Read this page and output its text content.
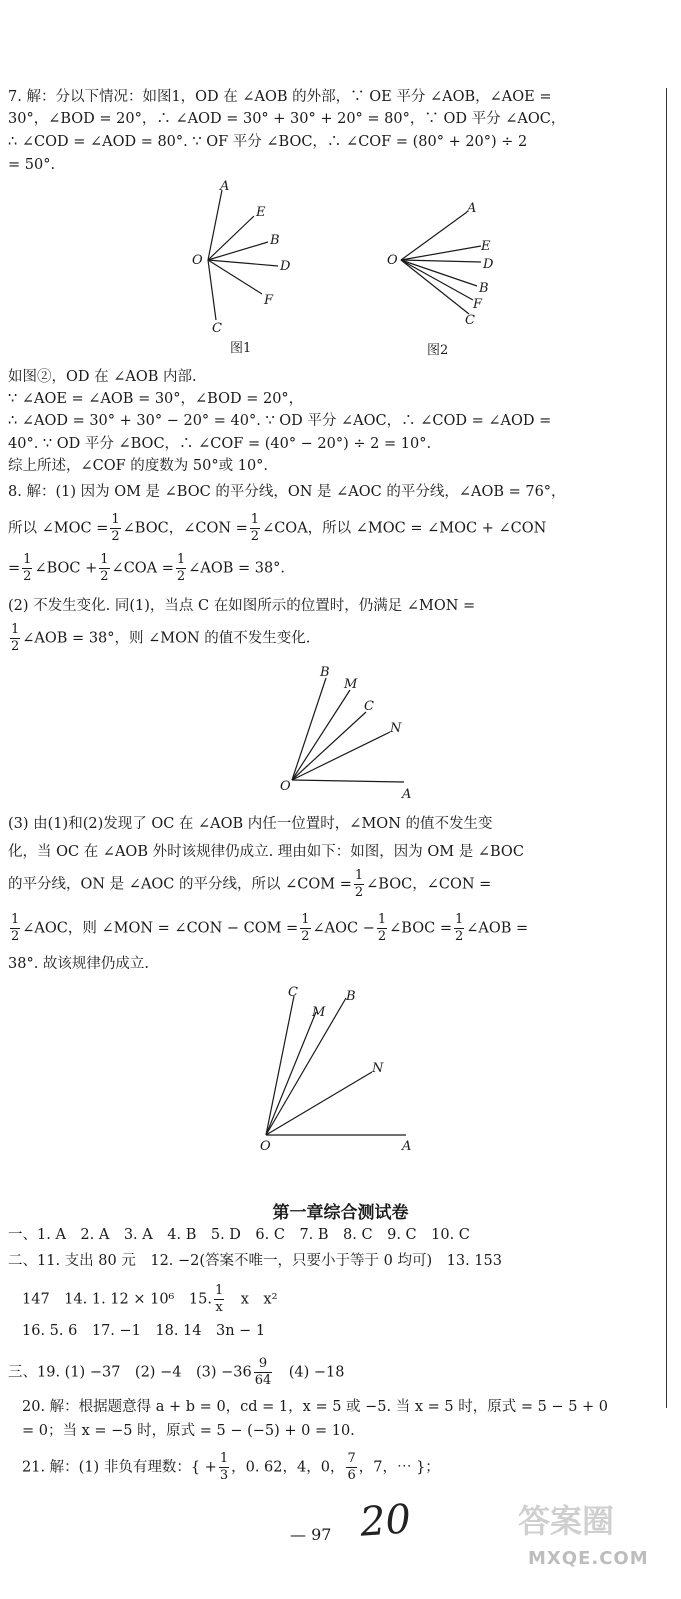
7. 解：分以下情况：如图1，OD 在 ∠AOB 的外部，∵ OE 平分 ∠AOB，∠AOE =
30°，∠BOD = 20°，∴ ∠AOD = 30° + 30° + 20° = 80°，∵ OD 平分 ∠AOC，
∴ ∠COD = ∠AOD = 80°. ∵ OF 平分 ∠BOC，∴ ∠COF = (80° + 20°) ÷ 2
= 50°.
A
E
B
D
F
C
O
图1
A
E
D
B
F
C
O
图2
如图②，OD 在 ∠AOB 内部.
∵ ∠AOE = ∠AOB = 30°，∠BOD = 20°，
∴ ∠AOD = 30° + 30° − 20° = 40°. ∵ OD 平分 ∠AOC，∴ ∠COD = ∠AOD =
40°. ∵ OD 平分 ∠BOC，∴ ∠COF = (40° − 20°) ÷ 2 = 10°.
综上所述，∠COF 的度数为 50°或 10°.
8. 解：(1) 因为 OM 是 ∠BOC 的平分线，ON 是 ∠AOC 的平分线，∠AOB = 76°，
所以 ∠MOC = $\frac{1}{2}$ ∠BOC，∠CON = $\frac{1}{2}$ ∠COA，所以 ∠MOC = ∠MOC + ∠CON
= $\frac{1}{2}$ ∠BOC + $\frac{1}{2}$ ∠COA = $\frac{1}{2}$ ∠AOB = 38°.
(2) 不发生变化. 同(1)，当点 C 在如图所示的位置时，仍满足 ∠MON =
$\frac{1}{2}$ ∠AOB = 38°，则 ∠MON 的值不发生变化.
B
M
C
N
A
O
(3) 由(1)和(2)发现了 OC 在 ∠AOB 内任一位置时，∠MON 的值不发生变
化，当 OC 在 ∠AOB 外时该规律仍成立. 理由如下：如图，因为 OM 是 ∠BOC
的平分线，ON 是 ∠AOC 的平分线，所以 ∠COM = $\frac{1}{2}$ ∠BOC，∠CON =
$\frac{1}{2}$ ∠AOC，则 ∠MON = ∠CON − COM = $\frac{1}{2}$ ∠AOC − $\frac{1}{2}$ ∠BOC = $\frac{1}{2}$ ∠AOB =
38°. 故该规律仍成立.
C
M
B
N
A
O
第一章综合测试卷
一、1. A　2. A　3. A　4. B　5. D　6. C　7. B　8. C　9. C　10. C
二、11. 支出 80 元　12. −2(答案不唯一，只要小于等于 0 均可)　13. 153
147　14. 1. 12 × 10⁶　15. $\frac{1}{x}$
　 x　x²
16. 5. 6　17. −1　18. 14　3n − 1
三、19. (1) −37　(2) −4　$(3) -36 \frac{9}{64}$
　 (4) −18
20. 解：根据题意得 a + b = 0，cd = 1，x = 5 或 −5. 当 x = 5 时，原式 = 5 − 5 + 0
= 0；当 x = −5 时，原式 = 5 − (−5) + 0 = 10.
21. 解：(1) 非负有理数：{ + $\frac{1}{3}$ ，0. 62，4，0， $\frac{7}{6}$ ，7，⋯ }；
— 97 20	答案圈
MXQE.COM
